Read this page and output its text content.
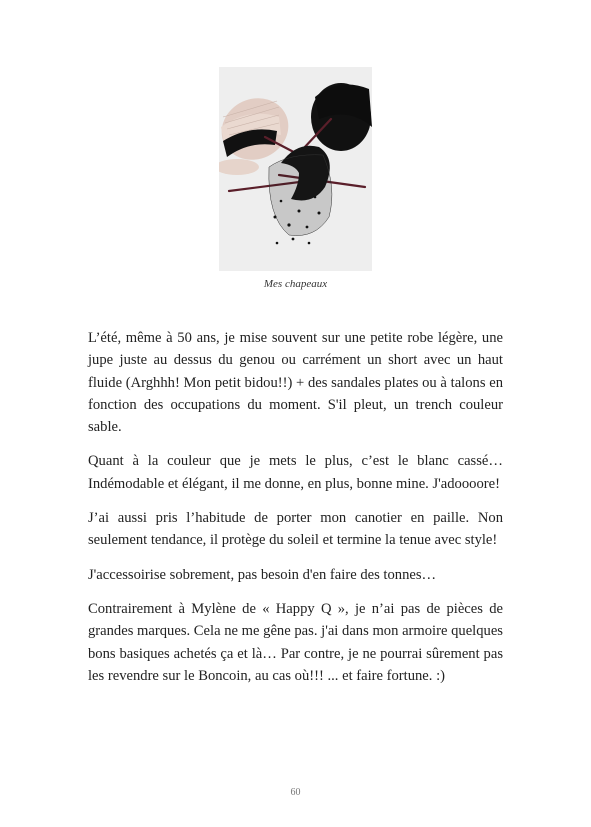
Mes chapeaux

L’été, même à 50 ans, je mise souvent sur une petite robe légère, une jupe juste au dessus du genou ou carrément un short avec un haut fluide (Arghhh! Mon petit bidou!!) + des sandales plates ou à talons en fonction des occupations du moment. S'il pleut, un trench couleur sable.

Quant à la couleur que je mets le plus, c’est le blanc cassé… Indémodable et élégant, il me donne, en plus, bonne mine. J'adoooore!

J’ai aussi pris l’habitude de porter mon canotier en paille. Non seulement tendance, il protège du soleil et termine la tenue avec style!

J'accessoirise sobrement, pas besoin d'en faire des tonnes…

Contrairement à Mylène de « Happy Q », je n’ai pas de pièces de grandes marques. Cela ne me gêne pas. j'ai dans mon armoire quelques bons basiques achetés ça et là… Par contre, je ne pourrai sûrement pas les revendre sur le Boncoin, au cas où!!! ... et faire fortune. :)

60
